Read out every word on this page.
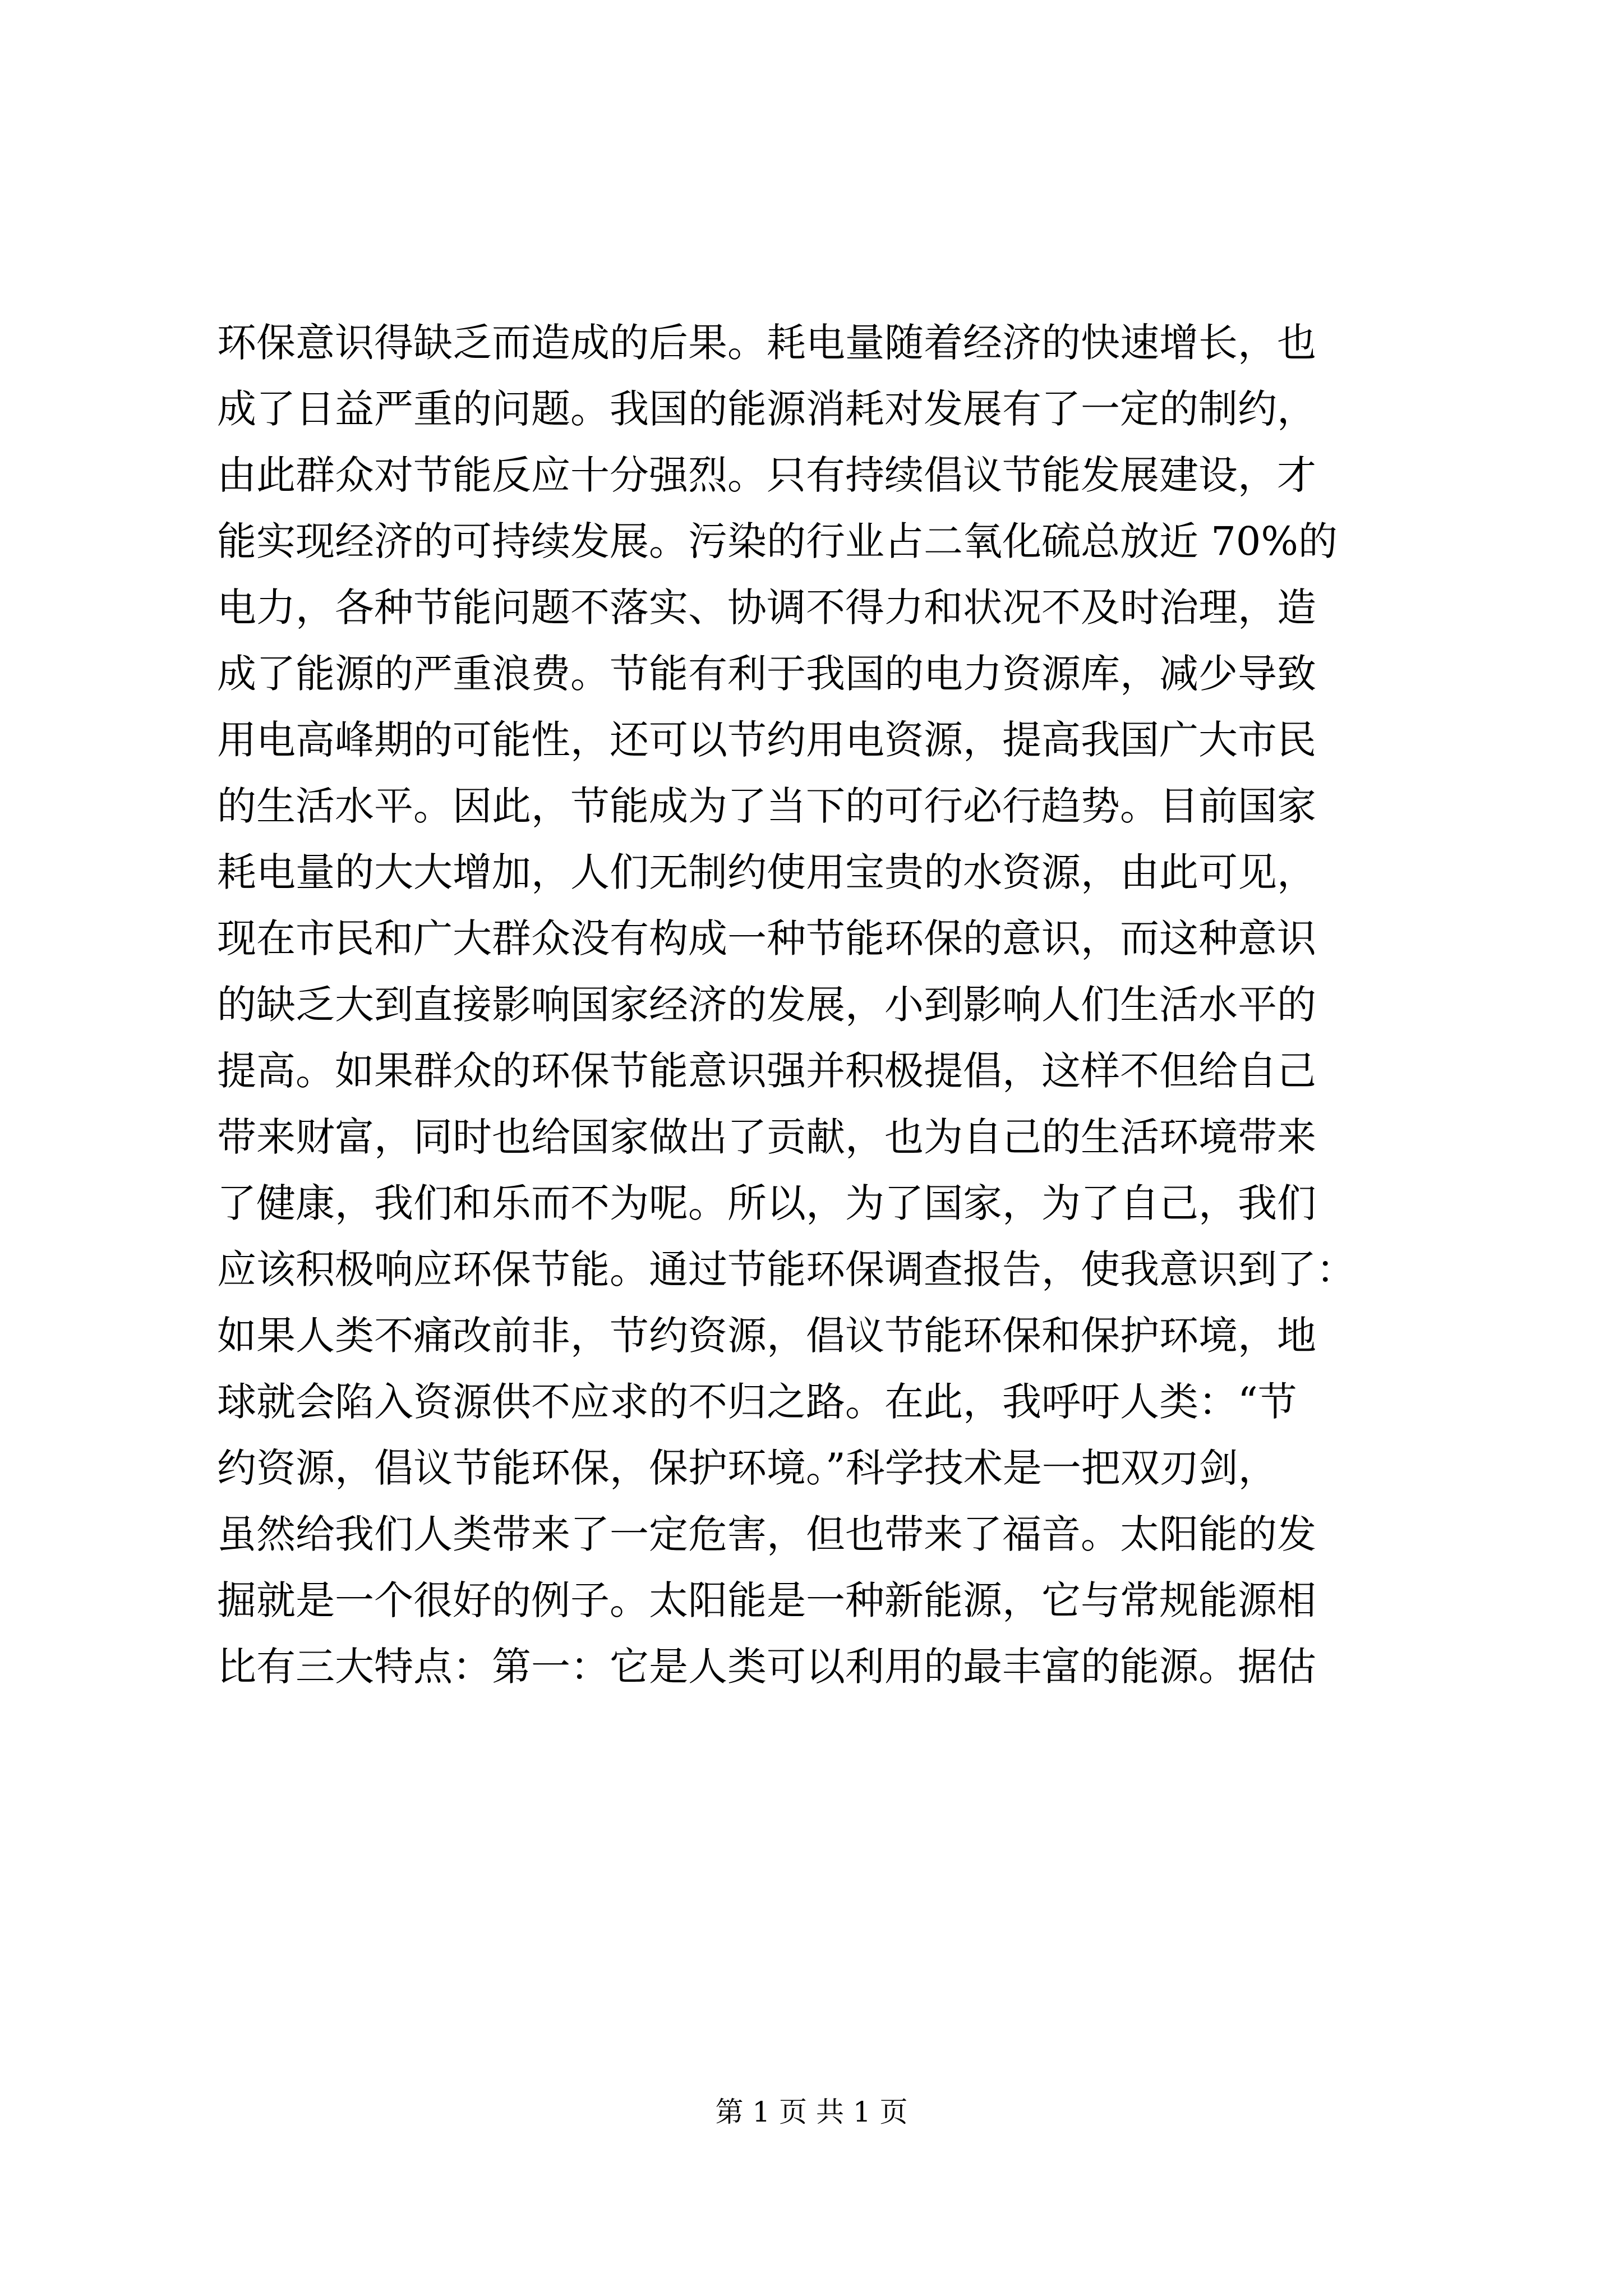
环保意识得缺乏而造成的后果。耗电量随着经济的快速增长，也
成了日益严重的问题。我国的能源消耗对发展有了一定的制约，
由此群众对节能反应十分强烈。只有持续倡议节能发展建设，才
能实现经济的可持续发展。污染的行业占二氧化硫总放近 70%的
电力，各种节能问题不落实、协调不得力和状况不及时治理，造
成了能源的严重浪费。节能有利于我国的电力资源库，减少导致
用电高峰期的可能性，还可以节约用电资源，提高我国广大市民
的生活水平。因此，节能成为了当下的可行必行趋势。目前国家
耗电量的大大增加，人们无制约使用宝贵的水资源，由此可见，
现在市民和广大群众没有构成一种节能环保的意识，而这种意识
的缺乏大到直接影响国家经济的发展，小到影响人们生活水平的
提高。如果群众的环保节能意识强并积极提倡，这样不但给自己
带来财富，同时也给国家做出了贡献，也为自己的生活环境带来
了健康，我们和乐而不为呢。所以，为了国家，为了自己，我们
应该积极响应环保节能。通过节能环保调查报告，使我意识到了：
如果人类不痛改前非，节约资源，倡议节能环保和保护环境，地
球就会陷入资源供不应求的不归之路。在此，我呼吁人类：“节
约资源，倡议节能环保，保护环境。”科学技术是一把双刃剑，
虽然给我们人类带来了一定危害，但也带来了福音。太阳能的发
掘就是一个很好的例子。太阳能是一种新能源，它与常规能源相
比有三大特点：第一：它是人类可以利用的最丰富的能源。据估
第 1 页 共 1 页
